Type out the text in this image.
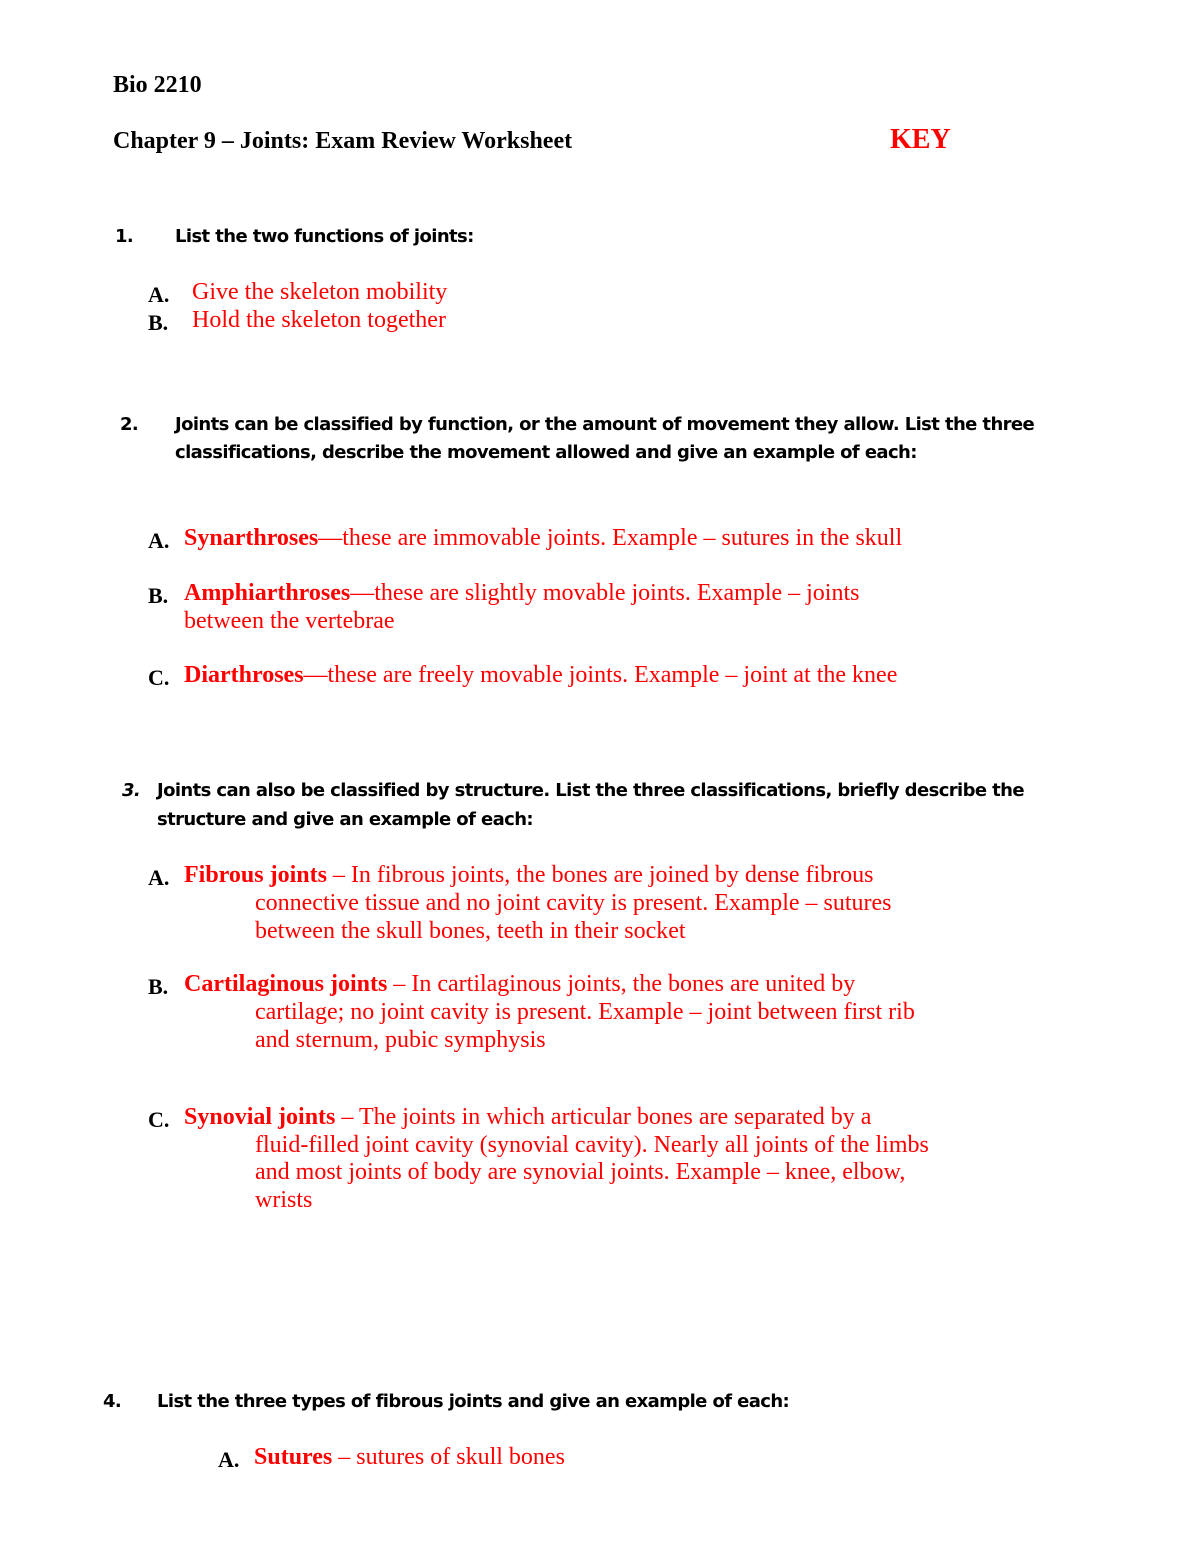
Bio 2210
Chapter 9 – Joints: Exam Review Worksheet	KEY
1. List the two functions of joints:
A. Give the skeleton mobility
B. Hold the skeleton together
2. Joints can be classified by function, or the amount of movement they allow. List the three
classifications, describe the movement allowed and give an example of each:
A. Synarthroses—these are immovable joints. Example – sutures in the skull
B. Amphiarthroses—these are slightly movable joints. Example – joints
between the vertebrae
C. Diarthroses—these are freely movable joints. Example – joint at the knee
3. Joints can also be classified by structure. List the three classifications, briefly describe the
structure and give an example of each:
A. Fibrous joints – In fibrous joints, the bones are joined by dense fibrous
connective tissue and no joint cavity is present. Example – sutures
between the skull bones, teeth in their socket
B. Cartilaginous joints – In cartilaginous joints, the bones are united by
cartilage; no joint cavity is present. Example – joint between first rib
and sternum, pubic symphysis
C. Synovial joints – The joints in which articular bones are separated by a
fluid-filled joint cavity (synovial cavity). Nearly all joints of the limbs
and most joints of body are synovial joints. Example – knee, elbow,
wrists
4. List the three types of fibrous joints and give an example of each:
A. Sutures – sutures of skull bones
